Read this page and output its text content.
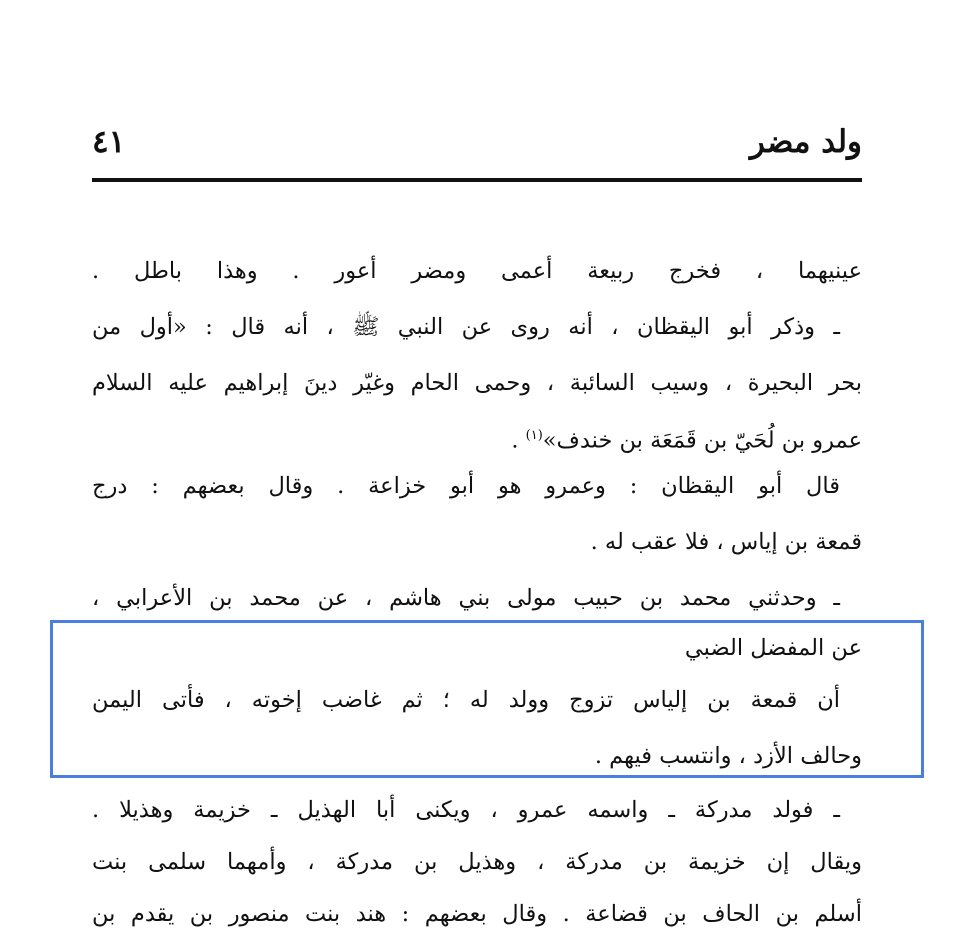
ولد مضر
٤١
عينيهما ، فخرج ربيعة أعمى ومضر أعور . وهذا باطل .
ـ وذكر أبو اليقظان ، أنه روى عن النبي ﷺ ، أنه قال : «أول من
بحر البحيرة ، وسيب السائبة ، وحمى الحام وغيّر دينَ إبراهيم عليه السلام
عمرو بن لُحَيّ بن قَمَعَة بن خندف»$^{(١)}$ .
قال أبو اليقظان : وعمرو هو أبو خزاعة . وقال بعضهم : درج
قمعة بن إياس ، فلا عقب له .
ـ وحدثني محمد بن حبيب مولى بني هاشم ، عن محمد بن الأعرابي ،
عن المفضل الضبي
أن قمعة بن إلياس تزوج وولد له ؛ ثم غاضب إخوته ، فأتى اليمن
وحالف الأزد ، وانتسب فيهم .
ـ فولد مدركة ـ واسمه عمرو ، ويكنى أبا الهذيل ـ خزيمة وهذيلا .
ويقال إن خزيمة بن مدركة ، وهذيل بن مدركة ، وأمهما سلمى بنت
أسلم بن الحاف بن قضاعة . وقال بعضهم : هند بنت منصور بن يقدم بن
